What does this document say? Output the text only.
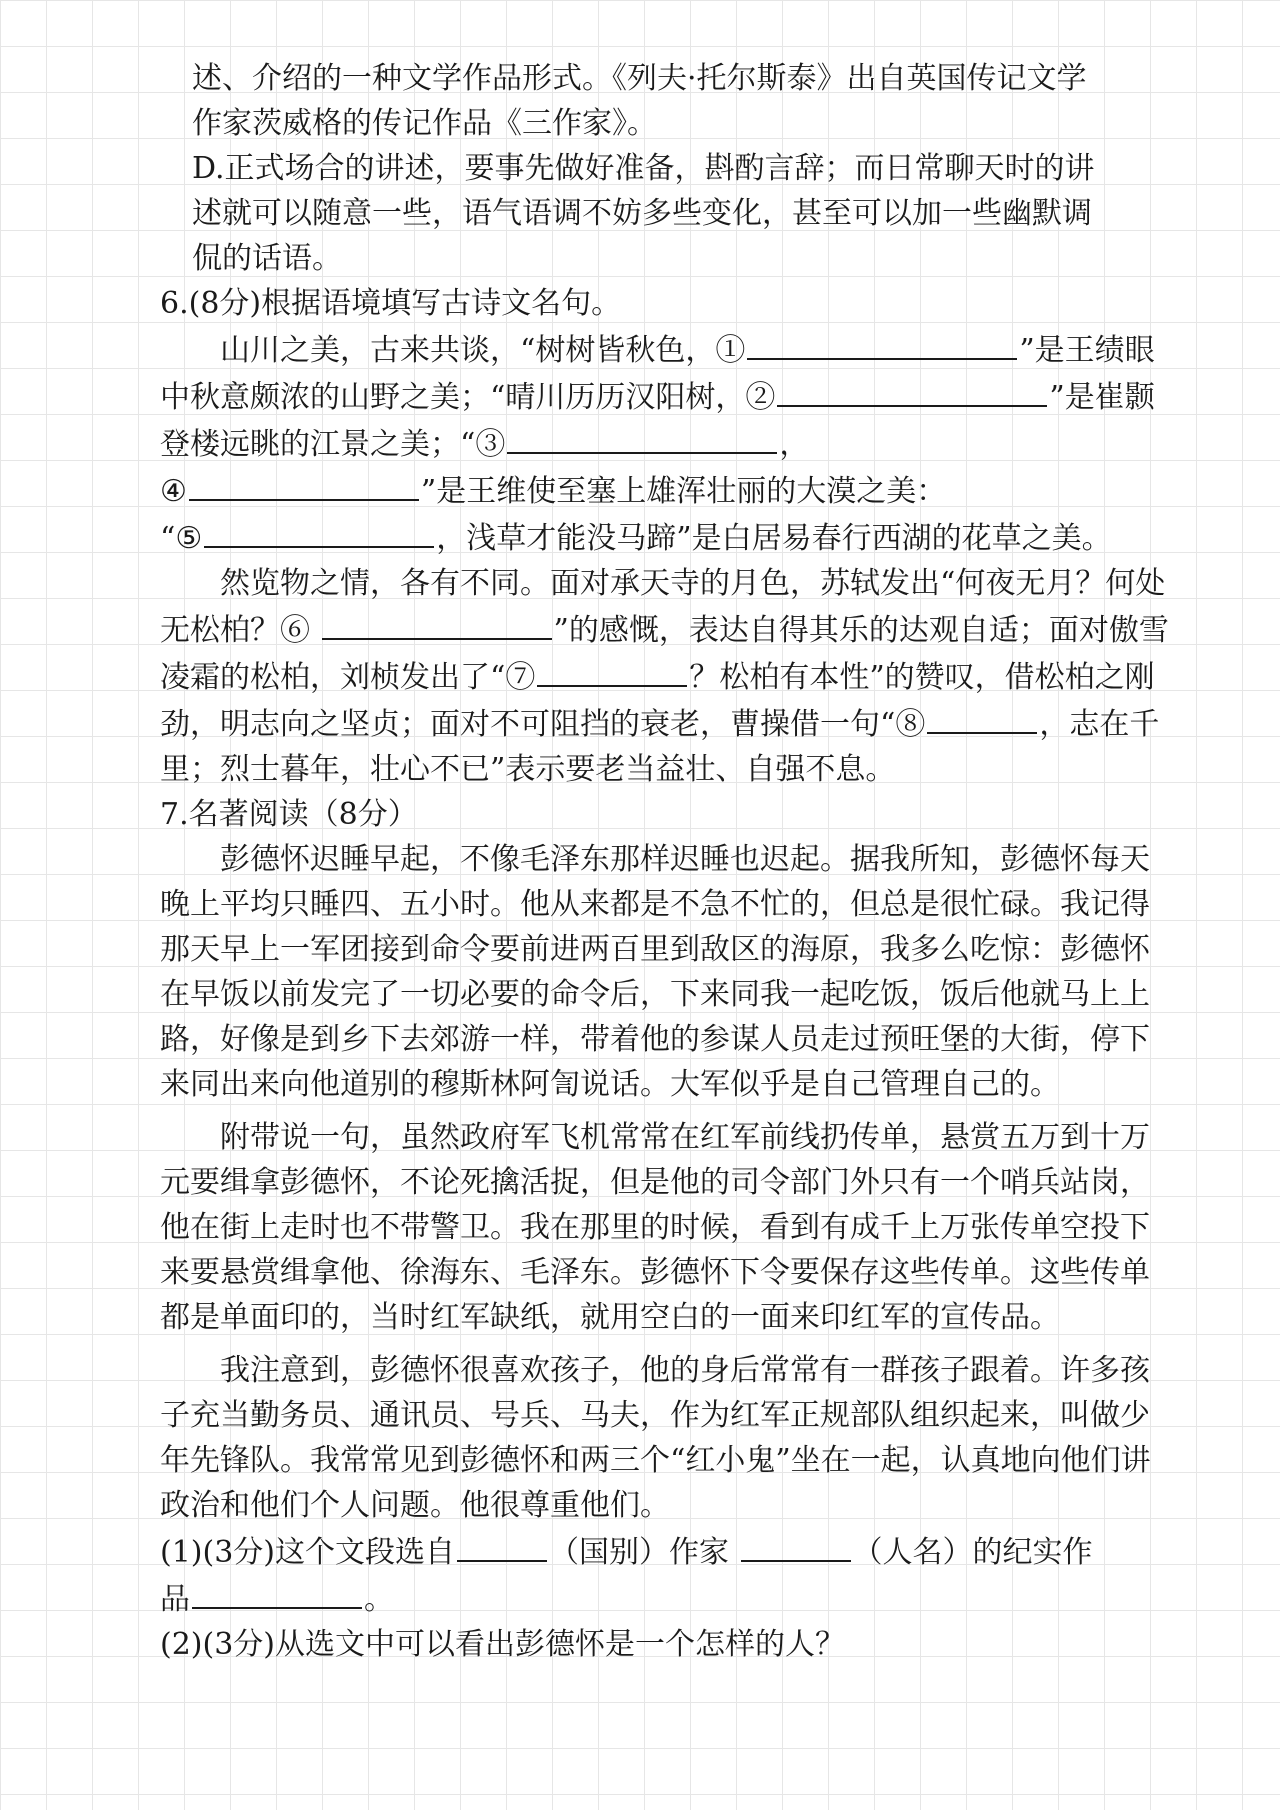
述、介绍的一种文学作品形式。《列夫·托尔斯泰》出自英国传记文学

作家茨威格的传记作品《三作家》。

D.正式场合的讲述，要事先做好准备，斟酌言辞；而日常聊天时的讲

述就可以随意一些，语气语调不妨多些变化，甚至可以加一些幽默调

侃的话语。

6.(8分)根据语境填写古诗文名句。

山川之美，古来共谈，“树树皆秋色，①	”是王绩眼中秋意颇浓的山野之美；“晴川历历汉阳树，②	”是崔颢登楼远眺的江景之美；“③	，

④	”是王维使至塞上雄浑壮丽的大漠之美：

“⑤	，浅草才能没马蹄”是白居易春行西湖的花草之美。

然览物之情，各有不同。面对承天寺的月色，苏轼发出“何夜无月？何处无松柏？⑥	”的感慨，表达自得其乐的达观自适；面对傲雪凌霜的松柏，刘桢发出了“⑦	？松柏有本性”的赞叹，借松柏之刚劲，明志向之坚贞；面对不可阻挡的衰老，曹操借一句“⑧	，志在千里；烈士暮年，壮心不已”表示要老当益壮、自强不息。

7.名著阅读（8分）

彭德怀迟睡早起，不像毛泽东那样迟睡也迟起。据我所知，彭德怀每天晚上平均只睡四、五小时。他从来都是不急不忙的，但总是很忙碌。我记得那天早上一军团接到命令要前进两百里到敌区的海原，我多么吃惊：彭德怀在早饭以前发完了一切必要的命令后，下来同我一起吃饭，饭后他就马上上路，好像是到乡下去郊游一样，带着他的参谋人员走过预旺堡的大街，停下来同出来向他道别的穆斯林阿訇说话。大军似乎是自己管理自己的。

附带说一句，虽然政府军飞机常常在红军前线扔传单，悬赏五万到十万元要缉拿彭德怀，不论死擒活捉，但是他的司令部门外只有一个哨兵站岗，他在街上走时也不带警卫。我在那里的时候，看到有成千上万张传单空投下来要悬赏缉拿他、徐海东、毛泽东。彭德怀下令要保存这些传单。这些传单都是单面印的，当时红军缺纸，就用空白的一面来印红军的宣传品。

我注意到，彭德怀很喜欢孩子，他的身后常常有一群孩子跟着。许多孩子充当勤务员、通讯员、号兵、马夫，作为红军正规部队组织起来，叫做少年先锋队。我常常见到彭德怀和两三个“红小鬼”坐在一起，认真地向他们讲政治和他们个人问题。他很尊重他们。

(1)(3分)这个文段选自	（国别）作家	（人名）的纪实作

品	。

(2)(3分)从选文中可以看出彭德怀是一个怎样的人？
